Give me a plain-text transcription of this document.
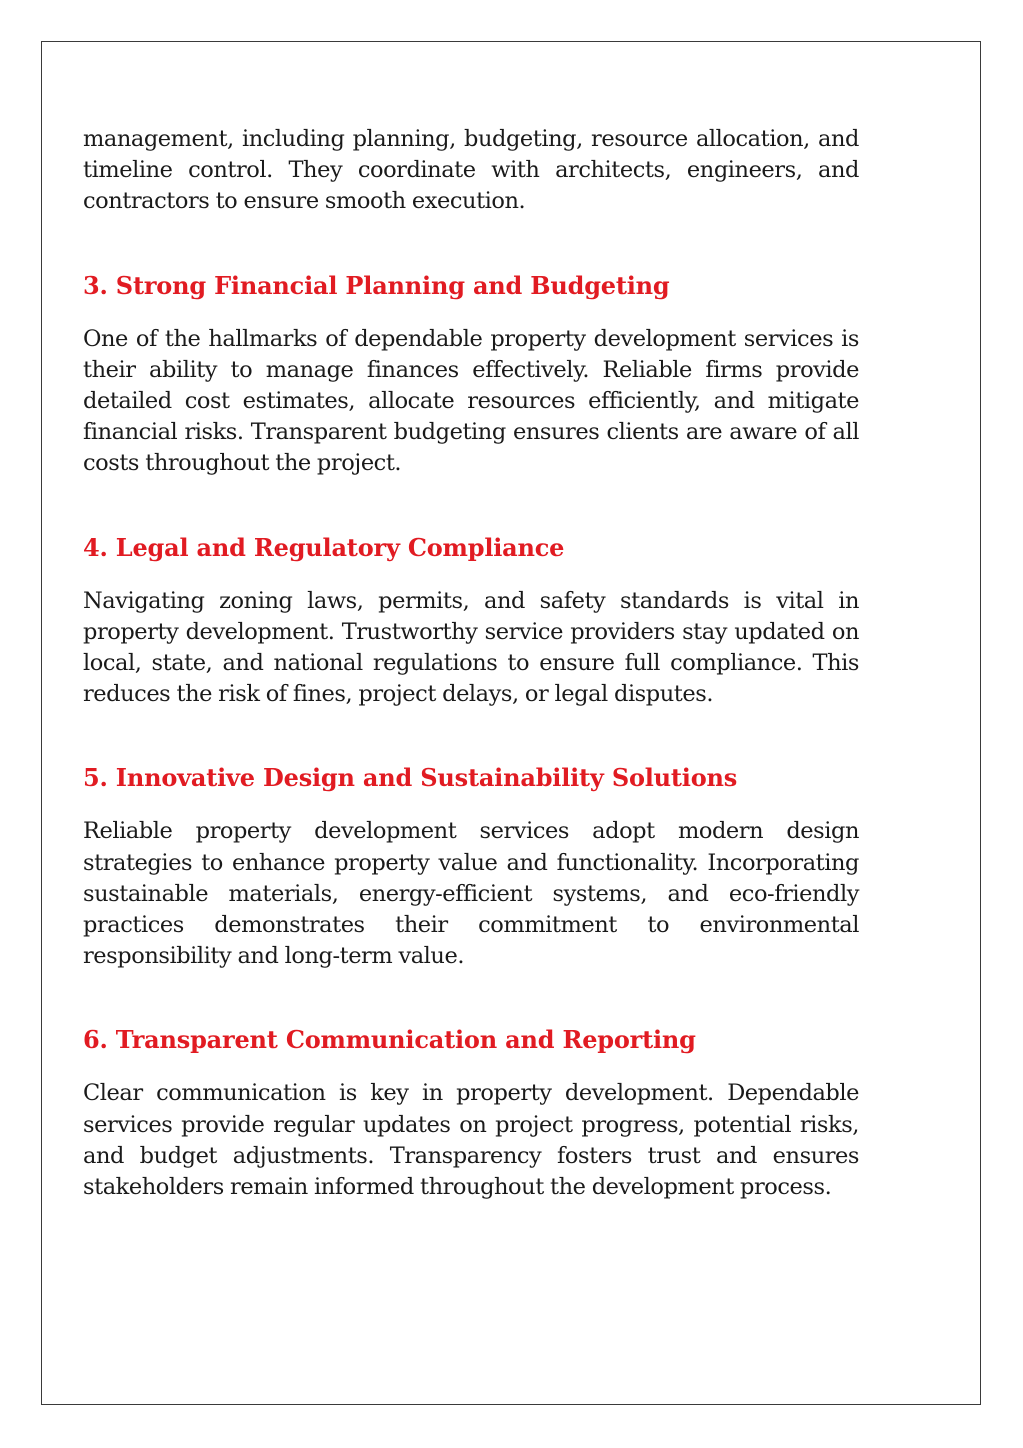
management, including planning, budgeting, resource allocation, and timeline control. They coordinate with architects, engineers, and contractors to ensure smooth execution.

3. Strong Financial Planning and Budgeting

One of the hallmarks of dependable property development services is their ability to manage finances effectively. Reliable firms provide detailed cost estimates, allocate resources efficiently, and mitigate financial risks. Transparent budgeting ensures clients are aware of all costs throughout the project.

4. Legal and Regulatory Compliance

Navigating zoning laws, permits, and safety standards is vital in property development. Trustworthy service providers stay updated on local, state, and national regulations to ensure full compliance. This reduces the risk of fines, project delays, or legal disputes.

5. Innovative Design and Sustainability Solutions

Reliable property development services adopt modern design strategies to enhance property value and functionality. Incorporating sustainable materials, energy-efficient systems, and eco-friendly practices demonstrates their commitment to environmental responsibility and long-term value.

6. Transparent Communication and Reporting

Clear communication is key in property development. Dependable services provide regular updates on project progress, potential risks, and budget adjustments. Transparency fosters trust and ensures stakeholders remain informed throughout the development process.
